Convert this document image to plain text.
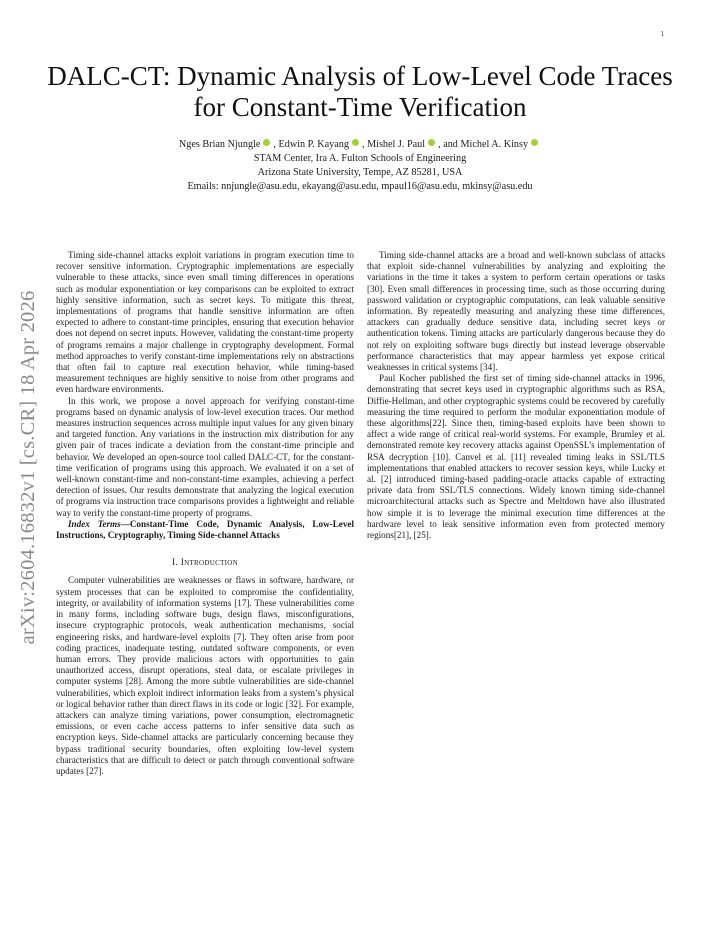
1
arXiv:2604.16832v1 [cs.CR] 18 Apr 2026
DALC-CT: Dynamic Analysis of Low-Level Code Traces for Constant-Time Verification
Nges Brian Njungle , Edwin P. Kayang , Mishel J. Paul , and Michel A. Kinsy
STAM Center, Ira A. Fulton Schools of Engineering
Arizona State University, Tempe, AZ 85281, USA
Emails: nnjungle@asu.edu, ekayang@asu.edu, mpaul16@asu.edu, mkinsy@asu.edu

Timing side-channel attacks exploit variations in program execution time to recover sensitive information. Cryptographic implementations are especially vulnerable to these attacks, since even small timing differences in operations such as modular exponentiation or key comparisons can be exploited to extract highly sensitive information, such as secret keys. To mitigate this threat, implementations of programs that handle sensitive information are often expected to adhere to constant-time principles, ensuring that execution behavior does not depend on secret inputs. However, validating the constant-time property of programs remains a major challenge in cryptography development. Formal method approaches to verify constant-time implementations rely on abstractions that often fail to capture real execution behavior, while timing-based measurement techniques are highly sensitive to noise from other programs and even hardware environments.

In this work, we propose a novel approach for verifying constant-time programs based on dynamic analysis of low-level execution traces. Our method measures instruction sequences across multiple input values for any given binary and targeted function. Any variations in the instruction mix distribution for any given pair of traces indicate a deviation from the constant-time principle and behavior. We developed an open-source tool called DALC-CT, for the constant-time verification of programs using this approach. We evaluated it on a set of well-known constant-time and non-constant-time examples, achieving a perfect detection of issues. Our results demonstrate that analyzing the logical execution of programs via instruction trace comparisons provides a lightweight and reliable way to verify the constant-time property of programs.

Index Terms—Constant-Time Code, Dynamic Analysis, Low-Level Instructions, Cryptography, Timing Side-channel Attacks

I. Introduction

Computer vulnerabilities are weaknesses or flaws in software, hardware, or system processes that can be exploited to compromise the confidentiality, integrity, or availability of information systems [17]. These vulnerabilities come in many forms, including software bugs, design flaws, misconfigurations, insecure cryptographic protocols, weak authentication mechanisms, social engineering risks, and hardware-level exploits [7]. They often arise from poor coding practices, inadequate testing, outdated software components, or even human errors. They provide malicious actors with opportunities to gain unauthorized access, disrupt operations, steal data, or escalate privileges in computer systems [28]. Among the more subtle vulnerabilities are side-channel vulnerabilities, which exploit indirect information leaks from a system’s physical or logical behavior rather than direct flaws in its code or logic [32]. For example, attackers can analyze timing variations, power consumption, electromagnetic emissions, or even cache access patterns to infer sensitive data such as encryption keys. Side-channel attacks are particularly concerning because they bypass traditional security boundaries, often exploiting low-level system characteristics that are difficult to detect or patch through conventional software updates [27].

Timing side-channel attacks are a broad and well-known subclass of attacks that exploit side-channel vulnerabilities by analyzing and exploiting the variations in the time it takes a system to perform certain operations or tasks [30]. Even small differences in processing time, such as those occurring during password validation or cryptographic computations, can leak valuable sensitive information. By repeatedly measuring and analyzing these time differences, attackers can gradually deduce sensitive data, including secret keys or authentication tokens. Timing attacks are particularly dangerous because they do not rely on exploiting software bugs directly but instead leverage observable performance characteristics that may appear harmless yet expose critical weaknesses in critical systems [34].

Paul Kocher published the first set of timing side-channel attacks in 1996, demonstrating that secret keys used in cryptographic algorithms such as RSA, Diffie-Hellman, and other cryptographic systems could be recovered by carefully measuring the time required to perform the modular exponentiation module of these algorithms[22]. Since then, timing-based exploits have been shown to affect a wide range of critical real-world systems. For example, Brumley et al. demonstrated remote key recovery attacks against OpenSSL’s implementation of RSA decryption [10]. Canvel et al. [11] revealed timing leaks in SSL/TLS implementations that enabled attackers to recover session keys, while Lucky et al. [2] introduced timing-based padding-oracle attacks capable of extracting private data from SSL/TLS connections. Widely known timing side-channel microarchitectural attacks such as Spectre and Meltdown have also illustrated how simple it is to leverage the minimal execution time differences at the hardware level to leak sensitive information even from protected memory regions[21], [25].
